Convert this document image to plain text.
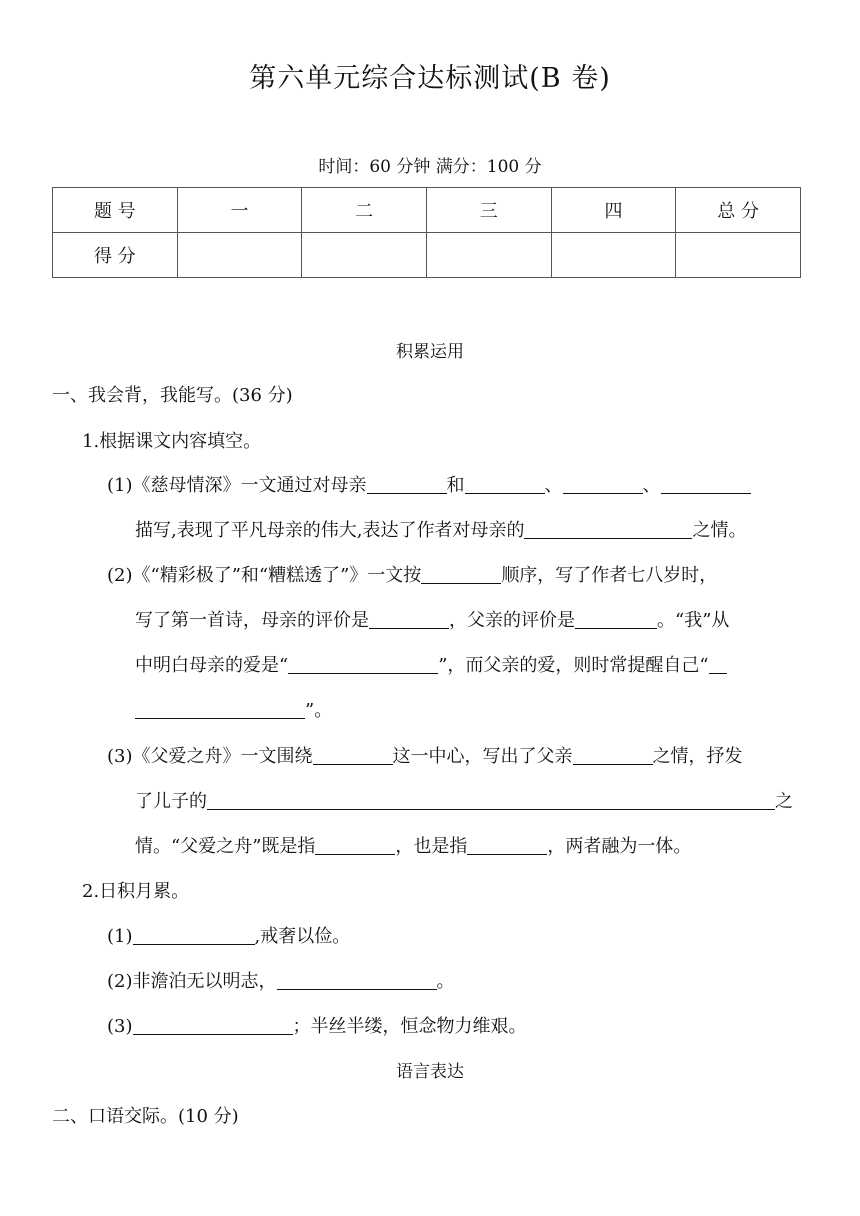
第六单元综合达标测试(B 卷)
时间：60 分钟 满分：100 分
题 号	一	二	三	四	总 分
得 分					
积累运用
一、我会背，我能写。(36 分)
1.根据课文内容填空。
(1)《慈母情深》一文通过对母亲	和	、	、
描写,表现了平凡母亲的伟大,表达了作者对母亲的	之情。
(2)《“精彩极了”和“糟糕透了”》一文按	顺序，写了作者七八岁时，
写了第一首诗，母亲的评价是	，父亲的评价是	。“我”从
中明白母亲的爱是“	”，而父亲的爱，则时常提醒自己“
”。
(3)《父爱之舟》一文围绕	这一中心，写出了父亲	之情，抒发
了儿子的	之
情。“父爱之舟”既是指	，也是指	，两者融为一体。
2.日积月累。
(1)	,戒奢以俭。
(2)非澹泊无以明志，	。
(3)	；半丝半缕，恒念物力维艰。
语言表达
二、口语交际。(10 分)
